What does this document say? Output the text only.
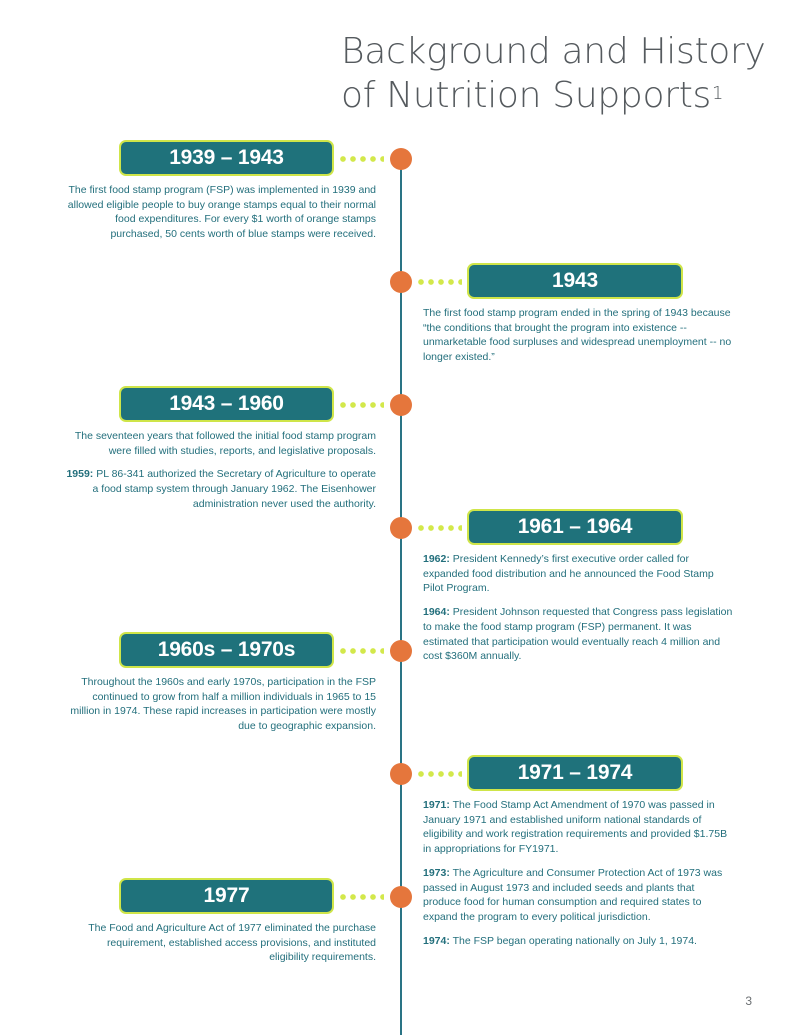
Background and History
of Nutrition Supports$^1$
1939 – 1943

The first food stamp program (FSP) was implemented in 1939 and allowed eligible people to buy orange stamps equal to their normal food expenditures. For every $1 worth of orange stamps purchased, 50 cents worth of blue stamps were received.

1943

The first food stamp program ended in the spring of 1943 because “the conditions that brought the program into existence -- unmarketable food surpluses and widespread unemployment -- no longer existed.”

1943 – 1960

The seventeen years that followed the initial food stamp program were filled with studies, reports, and legislative proposals.

1959: PL 86-341 authorized the Secretary of Agriculture to operate a food stamp system through January 1962. The Eisenhower administration never used the authority.

1961 – 1964

1962: President Kennedy’s first executive order called for expanded food distribution and he announced the Food Stamp Pilot Program.

1964: President Johnson requested that Congress pass legislation to make the food stamp program (FSP) permanent. It was estimated that participation would eventually reach 4 million and cost $360M annually.

1960s – 1970s

Throughout the 1960s and early 1970s, participation in the FSP continued to grow from half a million individuals in 1965 to 15 million in 1974. These rapid increases in participation were mostly due to geographic expansion.

1971 – 1974

1971: The Food Stamp Act Amendment of 1970 was passed in January 1971 and established uniform national standards of eligibility and work registration requirements and provided $1.75B in appropriations for FY1971.

1973: The Agriculture and Consumer Protection Act of 1973 was passed in August 1973 and included seeds and plants that produce food for human consumption and required states to expand the program to every political jurisdiction.

1974: The FSP began operating nationally on July 1, 1974.

1977

The Food and Agriculture Act of 1977 eliminated the purchase requirement, established access provisions, and instituted eligibility requirements.

3
